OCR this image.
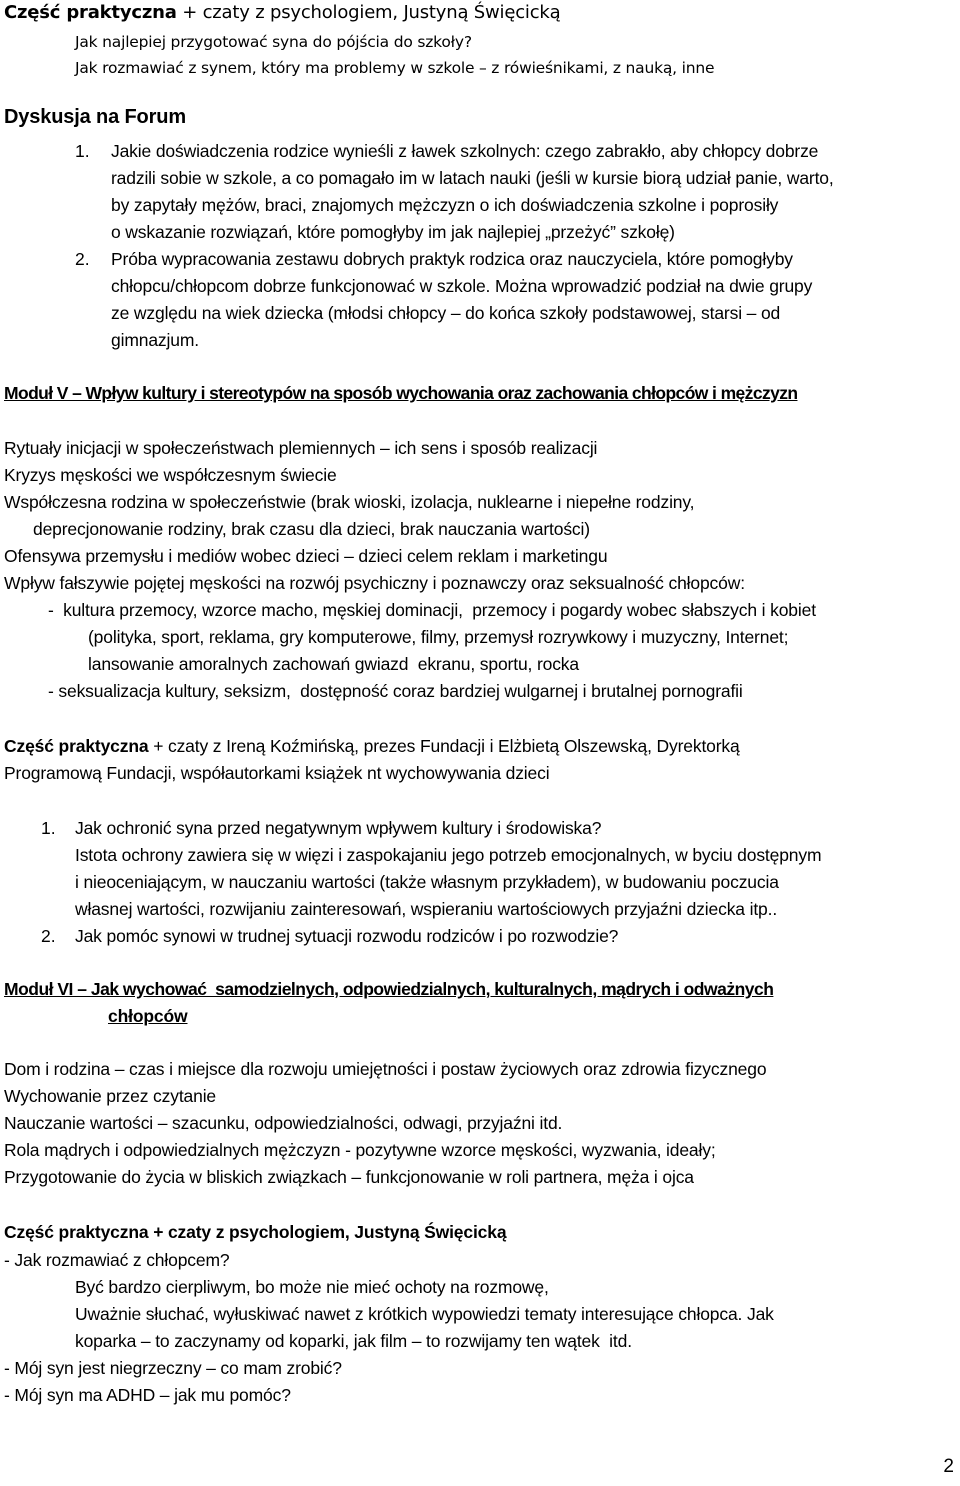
Część praktyczna + czaty z psychologiem, Justyną Święcicką
Jak najlepiej przygotować syna do pójścia do szkoły?
Jak rozmawiać z synem, który ma problemy w szkole – z rówieśnikami, z nauką, inne
Dyskusja na Forum
1. Jakie doświadczenia rodzice wynieśli z ławek szkolnych: czego zabrakło, aby chłopcy dobrze
radzili sobie w szkole, a co pomagało im w latach nauki (jeśli w kursie biorą udział panie, warto,
by zapytały mężów, braci, znajomych mężczyzn o ich doświadczenia szkolne i poprosiły
o wskazanie rozwiązań, które pomogłyby im jak najlepiej „przeżyć” szkołę)
2. Próba wypracowania zestawu dobrych praktyk rodzica oraz nauczyciela, które pomogłyby
chłopcu/chłopcom dobrze funkcjonować w szkole. Można wprowadzić podział na dwie grupy
ze względu na wiek dziecka (młodsi chłopcy – do końca szkoły podstawowej, starsi – od
gimnazjum.
Moduł V – Wpływ kultury i stereotypów na sposób wychowania oraz zachowania chłopców i mężczyzn
Rytuały inicjacji w społeczeństwach plemiennych – ich sens i sposób realizacji
Kryzys męskości we współczesnym świecie
Współczesna rodzina w społeczeństwie (brak wioski, izolacja, nuklearne i niepełne rodziny,
deprecjonowanie rodziny, brak czasu dla dzieci, brak nauczania wartości)
Ofensywa przemysłu i mediów wobec dzieci – dzieci celem reklam i marketingu
Wpływ fałszywie pojętej męskości na rozwój psychiczny i poznawczy oraz seksualność chłopców:
-  kultura przemocy, wzorce macho, męskiej dominacji,  przemocy i pogardy wobec słabszych i kobiet
(polityka, sport, reklama, gry komputerowe, filmy, przemysł rozrywkowy i muzyczny, Internet;
lansowanie amoralnych zachowań gwiazd  ekranu, sportu, rocka
- seksualizacja kultury, seksizm,  dostępność coraz bardziej wulgarnej i brutalnej pornografii
Część praktyczna + czaty z Ireną Koźmińską, prezes Fundacji i Elżbietą Olszewską, Dyrektorką
Programową Fundacji, współautorkami książek nt wychowywania dzieci
1. Jak ochronić syna przed negatywnym wpływem kultury i środowiska?
Istota ochrony zawiera się w więzi i zaspokajaniu jego potrzeb emocjonalnych, w byciu dostępnym
i nieoceniającym, w nauczaniu wartości (także własnym przykładem), w budowaniu poczucia
własnej wartości, rozwijaniu zainteresowań, wspieraniu wartościowych przyjaźni dziecka itp..
2. Jak pomóc synowi w trudnej sytuacji rozwodu rodziców i po rozwodzie?
Moduł VI – Jak wychować  samodzielnych, odpowiedzialnych, kulturalnych, mądrych i odważnych
chłopców
Dom i rodzina – czas i miejsce dla rozwoju umiejętności i postaw życiowych oraz zdrowia fizycznego
Wychowanie przez czytanie
Nauczanie wartości – szacunku, odpowiedzialności, odwagi, przyjaźni itd.
Rola mądrych i odpowiedzialnych mężczyzn - pozytywne wzorce męskości, wyzwania, ideały;
Przygotowanie do życia w bliskich związkach – funkcjonowanie w roli partnera, męża i ojca
Część praktyczna + czaty z psychologiem, Justyną Święcicką
- Jak rozmawiać z chłopcem?
Być bardzo cierpliwym, bo może nie mieć ochoty na rozmowę,
Uważnie słuchać, wyłuskiwać nawet z krótkich wypowiedzi tematy interesujące chłopca. Jak
koparka – to zaczynamy od koparki, jak film – to rozwijamy ten wątek  itd.
- Mój syn jest niegrzeczny – co mam zrobić?
- Mój syn ma ADHD – jak mu pomóc?
2
